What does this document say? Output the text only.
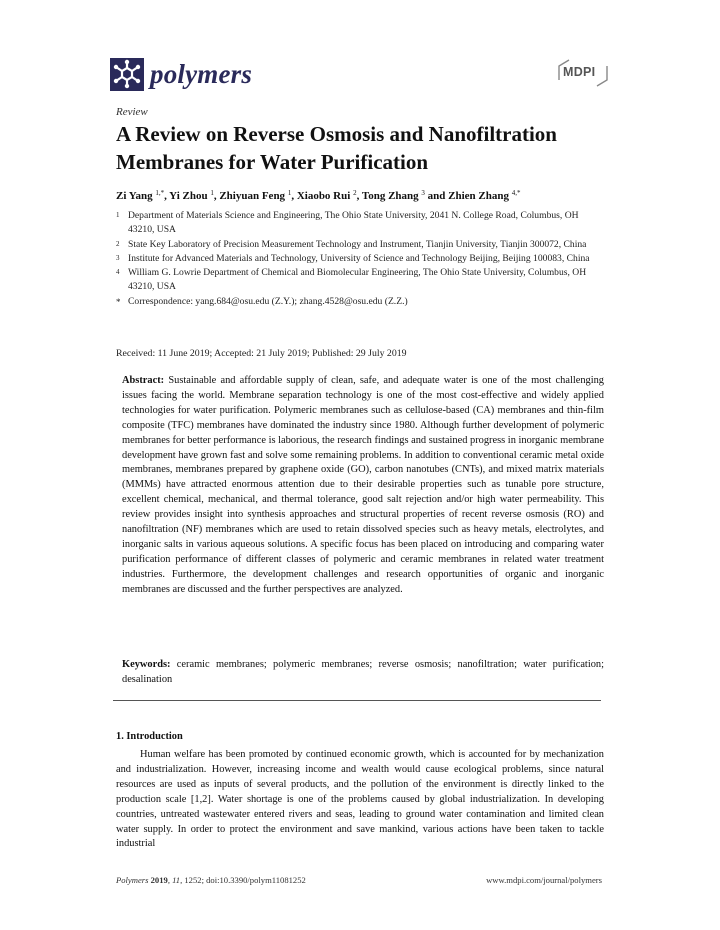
polymers	MDPI
Review
A Review on Reverse Osmosis and Nanofiltration Membranes for Water Purification
Zi Yang $^{1,*}$, Yi Zhou $^1$, Zhiyuan Feng $^1$, Xiaobo Rui $^2$, Tong Zhang $^3$ and Zhien Zhang $^{4,*}$
1 Department of Materials Science and Engineering, The Ohio State University, 2041 N. College Road, Columbus, OH 43210, USA
2 State Key Laboratory of Precision Measurement Technology and Instrument, Tianjin University, Tianjin 300072, China
3 Institute for Advanced Materials and Technology, University of Science and Technology Beijing, Beijing 100083, China
4 William G. Lowrie Department of Chemical and Biomolecular Engineering, The Ohio State University, Columbus, OH 43210, USA
* Correspondence: yang.684@osu.edu (Z.Y.); zhang.4528@osu.edu (Z.Z.)
Received: 11 June 2019; Accepted: 21 July 2019; Published: 29 July 2019
Abstract: Sustainable and affordable supply of clean, safe, and adequate water is one of the most challenging issues facing the world. Membrane separation technology is one of the most cost-effective and widely applied technologies for water purification. Polymeric membranes such as cellulose-based (CA) membranes and thin-film composite (TFC) membranes have dominated the industry since 1980. Although further development of polymeric membranes for better performance is laborious, the research findings and sustained progress in inorganic membrane development have grown fast and solve some remaining problems. In addition to conventional ceramic metal oxide membranes, membranes prepared by graphene oxide (GO), carbon nanotubes (CNTs), and mixed matrix materials (MMMs) have attracted enormous attention due to their desirable properties such as tunable pore structure, excellent chemical, mechanical, and thermal tolerance, good salt rejection and/or high water permeability. This review provides insight into synthesis approaches and structural properties of recent reverse osmosis (RO) and nanofiltration (NF) membranes which are used to retain dissolved species such as heavy metals, electrolytes, and inorganic salts in various aqueous solutions. A specific focus has been placed on introducing and comparing water purification performance of different classes of polymeric and ceramic membranes in related water treatment industries. Furthermore, the development challenges and research opportunities of organic and inorganic membranes are discussed and the further perspectives are analyzed.
Keywords: ceramic membranes; polymeric membranes; reverse osmosis; nanofiltration; water purification; desalination
1. Introduction

Human welfare has been promoted by continued economic growth, which is accounted for by mechanization and industrialization. However, increasing income and wealth would cause ecological problems, since natural resources are used as inputs of several products, and the pollution of the environment is directly linked to the production scale [1,2]. Water shortage is one of the problems caused by global industrialization. In developing countries, untreated wastewater entered rivers and seas, leading to ground water contamination and limited clean water supply. In order to protect the environment and save mankind, various actions have been taken to tackle industrial

Polymers 2019, 11, 1252; doi:10.3390/polym11081252	www.mdpi.com/journal/polymers
